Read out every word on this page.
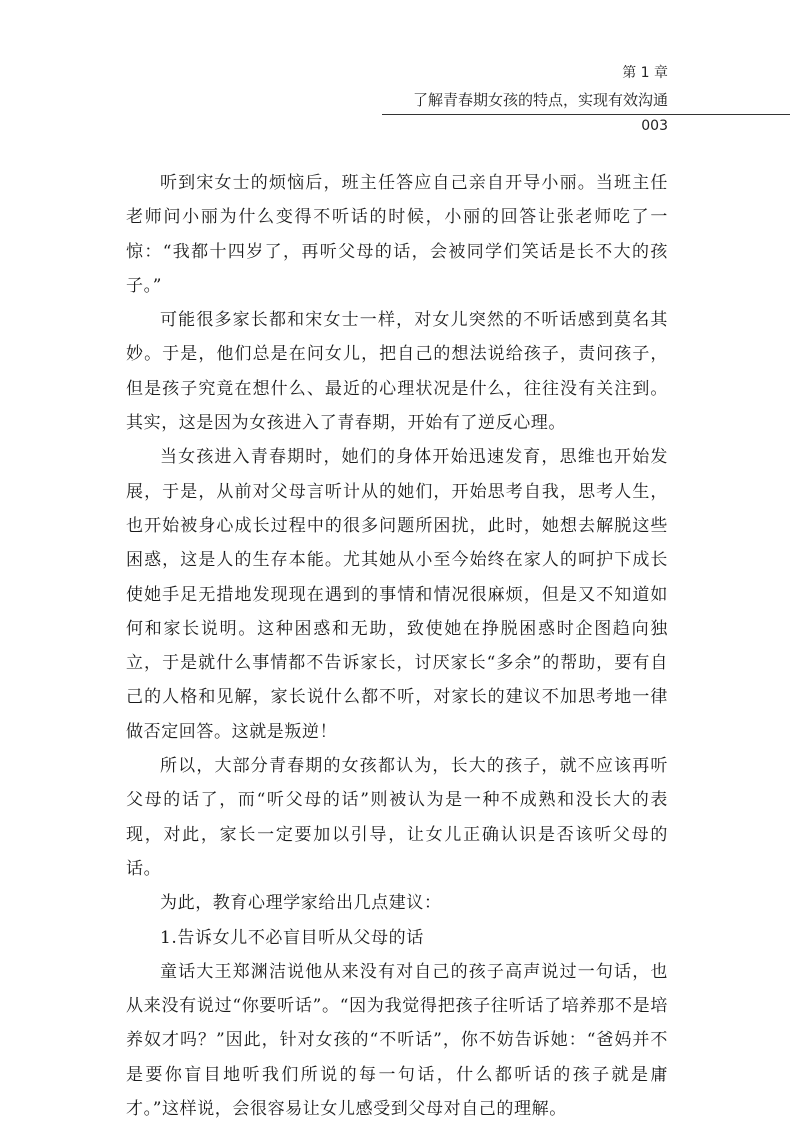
第 1 章
了解青春期女孩的特点，实现有效沟通
003

听到宋女士的烦恼后，班主任答应自己亲自开导小丽。当班主任老师问小丽为什么变得不听话的时候，小丽的回答让张老师吃了一惊：“我都十四岁了，再听父母的话，会被同学们笑话是长不大的孩子。”

可能很多家长都和宋女士一样，对女儿突然的不听话感到莫名其妙。于是，他们总是在问女儿，把自己的想法说给孩子，责问孩子，但是孩子究竟在想什么、最近的心理状况是什么，往往没有关注到。其实，这是因为女孩进入了青春期，开始有了逆反心理。

当女孩进入青春期时，她们的身体开始迅速发育，思维也开始发展，于是，从前对父母言听计从的她们，开始思考自我，思考人生，也开始被身心成长过程中的很多问题所困扰，此时，她想去解脱这些困惑，这是人的生存本能。尤其她从小至今始终在家人的呵护下成长使她手足无措地发现现在遇到的事情和情况很麻烦，但是又不知道如何和家长说明。这种困惑和无助，致使她在挣脱困惑时企图趋向独立，于是就什么事情都不告诉家长，讨厌家长“多余”的帮助，要有自己的人格和见解，家长说什么都不听，对家长的建议不加思考地一律做否定回答。这就是叛逆！

所以，大部分青春期的女孩都认为，长大的孩子，就不应该再听父母的话了，而“听父母的话”则被认为是一种不成熟和没长大的表现，对此，家长一定要加以引导，让女儿正确认识是否该听父母的话。

为此，教育心理学家给出几点建议：

1.告诉女儿不必盲目听从父母的话

童话大王郑渊洁说他从来没有对自己的孩子高声说过一句话，也从来没有说过“你要听话”。“因为我觉得把孩子往听话了培养那不是培养奴才吗？”因此，针对女孩的“不听话”，你不妨告诉她：“爸妈并不是要你盲目地听我们所说的每一句话，什么都听话的孩子就是庸才。”这样说，会很容易让女儿感受到父母对自己的理解。
